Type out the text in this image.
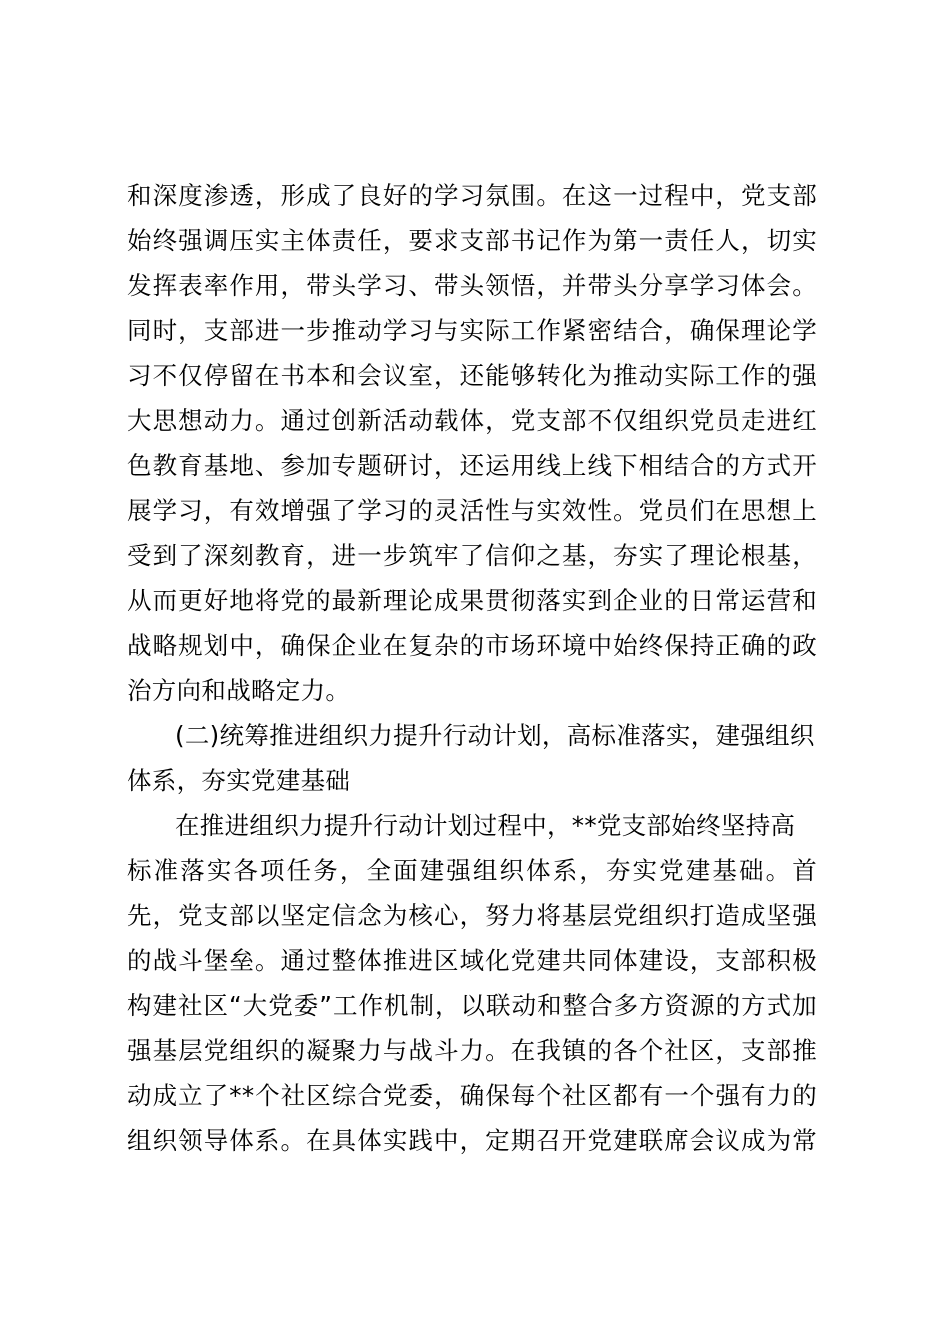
和深度渗透，形成了良好的学习氛围。在这一过程中，党支部
始终强调压实主体责任，要求支部书记作为第一责任人，切实
发挥表率作用，带头学习、带头领悟，并带头分享学习体会。
同时，支部进一步推动学习与实际工作紧密结合，确保理论学
习不仅停留在书本和会议室，还能够转化为推动实际工作的强
大思想动力。通过创新活动载体，党支部不仅组织党员走进红
色教育基地、参加专题研讨，还运用线上线下相结合的方式开
展学习，有效增强了学习的灵活性与实效性。党员们在思想上
受到了深刻教育，进一步筑牢了信仰之基，夯实了理论根基，
从而更好地将党的最新理论成果贯彻落实到企业的日常运营和
战略规划中，确保企业在复杂的市场环境中始终保持正确的政
治方向和战略定力。
(二)统筹推进组织力提升行动计划，高标准落实，建强组织
体系，夯实党建基础
在推进组织力提升行动计划过程中，**党支部始终坚持高
标准落实各项任务，全面建强组织体系，夯实党建基础。首
先，党支部以坚定信念为核心，努力将基层党组织打造成坚强
的战斗堡垒。通过整体推进区域化党建共同体建设，支部积极
构建社区“大党委”工作机制，以联动和整合多方资源的方式加
强基层党组织的凝聚力与战斗力。在我镇的各个社区，支部推
动成立了**个社区综合党委，确保每个社区都有一个强有力的
组织领导体系。在具体实践中，定期召开党建联席会议成为常
